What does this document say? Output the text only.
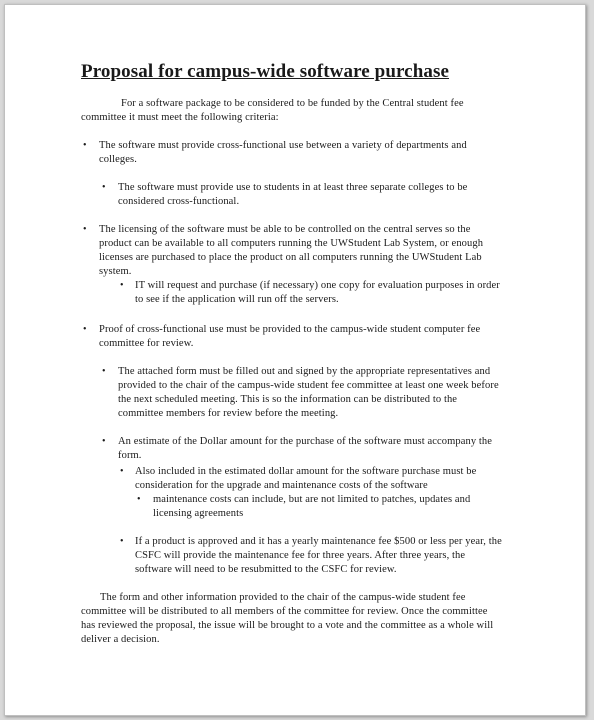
Proposal for campus-wide software purchase
For a software package to be considered to be funded by the Central student fee
committee it must meet the following criteria:
• The software must provide cross-functional use between a variety of departments and
colleges.
• The software must provide use to students in at least three separate colleges to be
considered cross-functional.
• The licensing of the software must be able to be controlled on the central serves so the
product can be available to all computers running the UWStudent Lab System, or enough
licenses are purchased to place the product on all computers running the UWStudent Lab
system.
• IT will request and purchase (if necessary) one copy for evaluation purposes in order
to see if the application will run off the servers.
• Proof of cross-functional use must be provided to the campus-wide student computer fee
committee for review.
• The attached form must be filled out and signed by the appropriate representatives and
provided to the chair of the campus-wide student fee committee at least one week before
the next scheduled meeting. This is so the information can be distributed to the
committee members for review before the meeting.
• An estimate of the Dollar amount for the purchase of the software must accompany the
form.
• Also included in the estimated dollar amount for the software purchase must be
consideration for the upgrade and maintenance costs of the software
• maintenance costs can include, but are not limited to patches, updates and
licensing agreements
• If a product is approved and it has a yearly maintenance fee $500 or less per year, the
CSFC will provide the maintenance fee for three years. After three years, the
software will need to be resubmitted to the CSFC for review.
The form and other information provided to the chair of the campus-wide student fee
committee will be distributed to all members of the committee for review. Once the committee
has reviewed the proposal, the issue will be brought to a vote and the committee as a whole will
deliver a decision.
